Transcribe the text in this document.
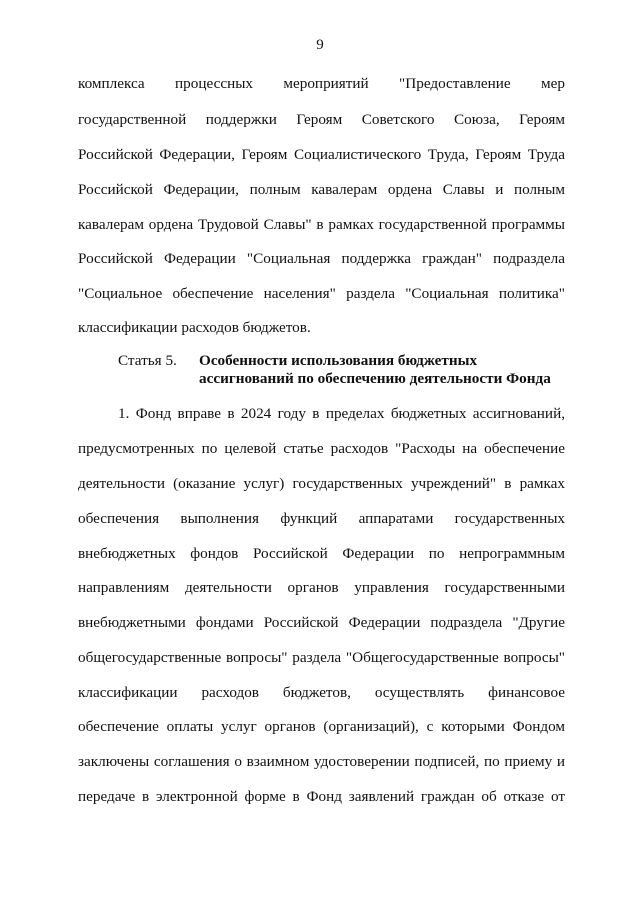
9
комплекса процессных мероприятий "Предоставление мер
государственной поддержки Героям Советского Союза, Героям
Российской Федерации, Героям Социалистического Труда, Героям Труда
Российской Федерации, полным кавалерам ордена Славы и полным
кавалерам ордена Трудовой Славы" в рамках государственной программы
Российской Федерации "Социальная поддержка граждан" подраздела
"Социальное обеспечение населения" раздела "Социальная политика"
классификации расходов бюджетов.
Статья 5. Особенности использования бюджетных
ассигнований по обеспечению деятельности Фонда
1. Фонд вправе в 2024 году в пределах бюджетных ассигнований,
предусмотренных по целевой статье расходов "Расходы на обеспечение
деятельности (оказание услуг) государственных учреждений" в рамках
обеспечения выполнения функций аппаратами государственных
внебюджетных фондов Российской Федерации по непрограммным
направлениям деятельности органов управления государственными
внебюджетными фондами Российской Федерации подраздела "Другие
общегосударственные вопросы" раздела "Общегосударственные вопросы"
классификации расходов бюджетов, осуществлять финансовое
обеспечение оплаты услуг органов (организаций), с которыми Фондом
заключены соглашения о взаимном удостоверении подписей, по приему и
передаче в электронной форме в Фонд заявлений граждан об отказе от
